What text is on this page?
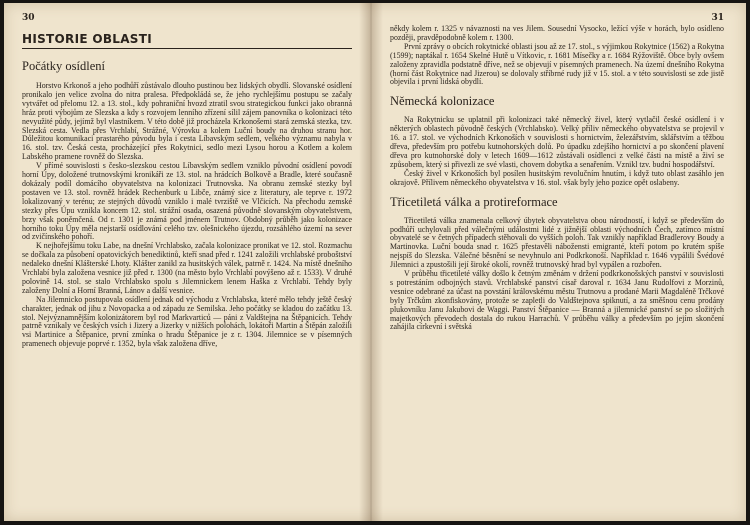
30
HISTORIE OBLASTI
Počátky osídlení

Horstvo Krkonoš a jeho podhůří zůstávalo dlouho pustinou bez lidských obydlí. Slovanské osídlení pronikalo jen velice zvolna do nitra pralesa. Předpokládá se, že jeho rychlejšímu postupu se začaly vytvářet od přelomu 12. a 13. stol., kdy pohraniční hvozd ztratil svou strategickou funkci jako obranná hráz proti výbojům ze Slezska a kdy s rozvojem lenního zřízení sílil zájem panovníka o kolonizaci této nevyužité půdy, jejímž byl vlastníkem. V této době již procházela Krkonošemi stará zemská stezka, tzv. Slezská cesta. Vedla přes Vrchlabí, Strážné, Výrovku a kolem Luční boudy na druhou stranu hor. Důležitou komunikaci prastarého původu byla i cesta Líbavským sedlem, velkého významu nabyla v 16. stol. tzv. Česká cesta, procházející přes Rokytnici, sedlo mezi Lysou horou a Kotlem a kolem Labského pramene rovněž do Slezska.

V přímé souvislosti s česko-slezskou cestou Líbavským sedlem vzniklo původní osídlení povodí horní Úpy, doložené trutnovskými kronikáři ze 13. stol. na hrádcích Bolkově a Bradle, které současně dokázaly podíl domácího obyvatelstva na kolonizaci Trutnovska. Na obranu zemské stezky byl postaven ve 13. stol. rovněž hrádek Rechenburk u Libče, známý sice z literatury, ale teprve r. 1972 lokalizovaný v terénu; ze stejných důvodů vzniklo i malé tvrziště ve Vlčicích. Na přechodu zemské stezky přes Úpu vznikla koncem 12. stol. strážní osada, osazená původně slovanským obyvatelstvem, brzy však poněmčená. Od r. 1301 je známá pod jménem Trutnov. Obdobný průběh jako kolonizace horního toku Úpy měla nejstarší osídlování celého tzv. olešnického újezdu, rozsáhlého území na sever od zvičínského pohoří.

K nejhořejšímu toku Labe, na dnešní Vrchlabsko, začala kolonizace pronikat ve 12. stol. Rozmachu se dočkala za působení opatovických benediktinů, kteří snad před r. 1241 založili vrchlabské proboštství nedaleko dnešní Klášterské Lhoty. Klášter zanikl za husitských válek, patrně r. 1424. Na místě dnešního Vrchlabí byla založena vesnice již před r. 1300 (na město bylo Vrchlabí povýšeno až r. 1533). V druhé polovině 14. stol. se stalo Vrchlabsko spolu s Jilemnickem lenem Haška z Vrchlabí. Tehdy byly založeny Dolní a Horní Branná, Lánov a další vesnice.

Na Jilemnicko postupovala osídlení jednak od východu z Vrchlabska, které mělo tehdy ještě český charakter, jednak od jihu z Novopacka a od západu ze Semilska. Jeho počátky se kladou do začátku 13. stol. Nejvýznamnějším kolonizátorem byl rod Markvarticů — páni z Valdštejna na Štěpanicích. Tehdy patrně vznikaly ve českých vsích i Jizery a Jizerky v nižších polohách, lokátoři Martin a Štěpán založili vsi Martinice a Štěpanice, první zmínka o hradu Štěpanice je z r. 1304. Jilemnice se v písemných pramenech objevuje poprvé r. 1352, byla však založena dříve,

31

někdy kolem r. 1325 v návaznosti na ves Jilem. Sousední Vysocko, ležící výše v horách, bylo osídleno později, pravděpodobně kolem r. 1300.

První zprávy o obcích rokytnické oblasti jsou až ze 17. stol., s výjimkou Rokytnice (1562) a Rokytna (1599); naptákal r. 1654 Skelné Hutě u Vítkovic, r. 1681 Mísečky a r. 1684 Rýžoviště. Obce byly ovšem založeny zpravidla podstatně dříve, než se objevují v písemných pramenech. Na území dnešního Rokytna (horní část Rokytnice nad Jizerou) se dolovaly stříbrné rudy již v 15. stol. a v této souvislosti se zde jistě objevila i první lidská obydlí.

Německá kolonizace

Na Rokytnicku se uplatnil při kolonizaci také německý živel, který vytlačil české osídlení i v některých oblastech původně českých (Vrchlabsko). Velký příliv německého obyvatelstva se projevil v 16. a 17. stol. ve východních Krkonoších v souvislosti s hornictvím, železářstvím, sklářstvím a těžbou dřeva, především pro potřebu kutnohorských dolů. Po úpadku zdejšího hornictví a po skončení plavení dřeva pro kutnohorské doly v letech 1609—1612 zůstávali osídlenci z velké části na místě a živí se způsobem, který si přivezli ze své vlasti, chovem dobytka a senařením. Vznikl tzv. budní hospodářství.

Český živel v Krkonoších byl posílen husitským revolučním hnutím, i když tuto oblast zasáhlo jen okrajově. Přílivem německého obyvatelstva v 16. stol. však byly jeho pozice opět oslabeny.

Třicetiletá válka a protireformace

Třicetiletá válka znamenala celkový úbytek obyvatelstva obou národností, i když se především do podhůří uchylovali před válečnými událostmi lidé z jižnější oblasti východních Čech, zatímco místní obyvatelé se v četných případech stěhovali do vyšších poloh. Tak vznikly například Bradlerovy Boudy a Martinovka. Luční bouda snad r. 1625 přestavěli nábožensti emigranté, kteří potom po krutém spíše nejspíš do Slezska. Válečné běsnění se nevyhnulo ani Podkrkonoší. Například r. 1646 vypálili Švédové Jilemnici a zpustošili její široké okolí, rovněž trutnovský hrad byl vypálen a rozbořen.

V průběhu třicetileté války došlo k četným změnám v držení podkrkonošských panství v souvislosti s potrestáním odbojných stavů. Vrchlabské panství císař daroval r. 1634 Janu Rudolfovi z Morzinů, vesnice odebrané za účast na povstání královskému městu Trutnovu a prodané Marii Magdaléně Trčkové byly Trčkům zkonfiskovány, protože se zapletli do Valdštejnova spiknutí, a za směšnou cenu prodány plukovníku Janu Jakubovi de Waggi. Panství Štěpanice — Branná a jilemnické panství se po složitých majetkových převodech dostala do rukou Harrachů. V průběhu války a především po jejím skončení zahájila církevní i světská
